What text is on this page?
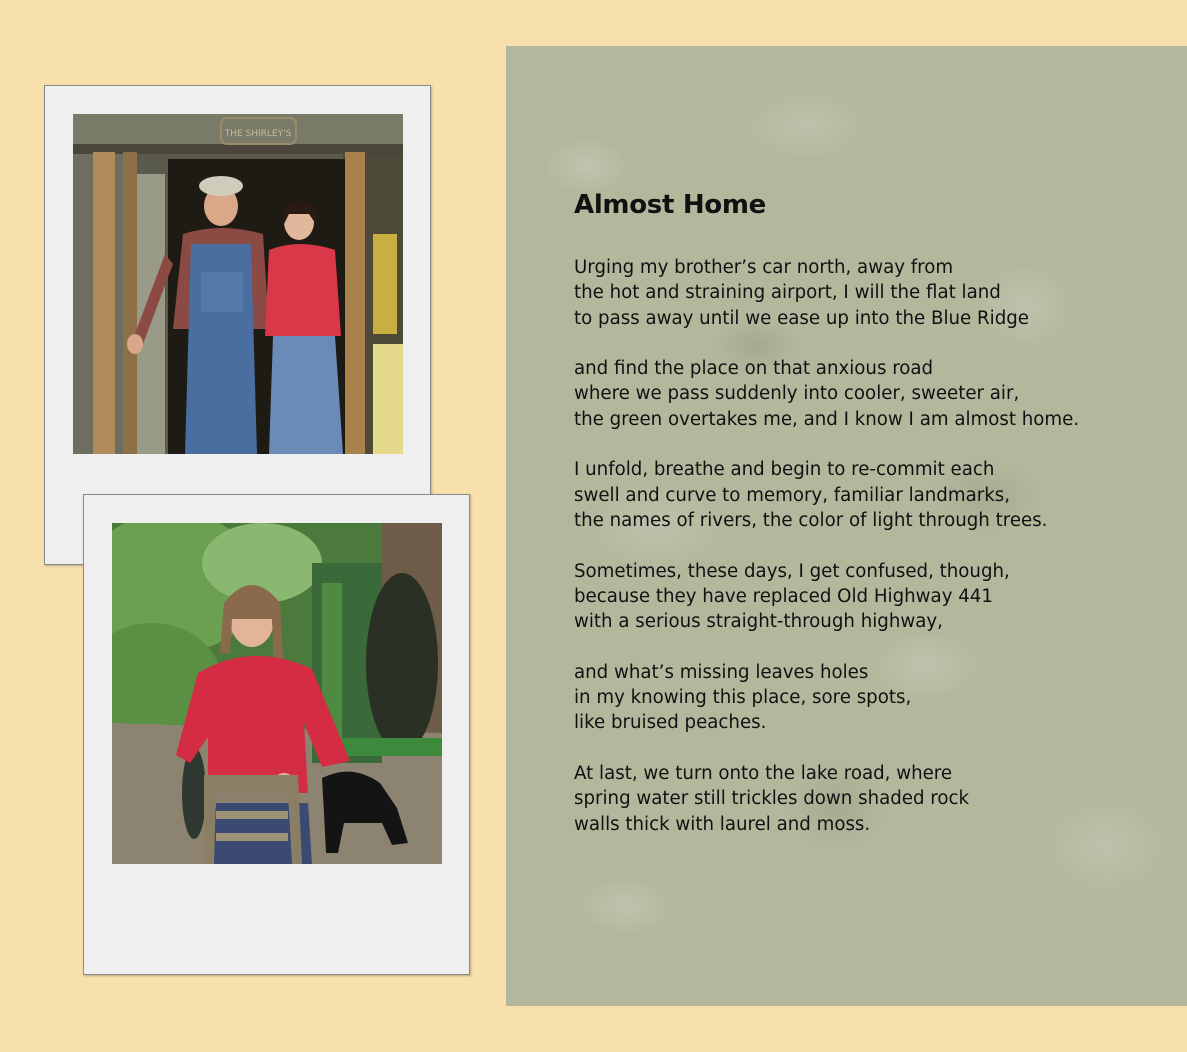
THE SHIRLEY'S
Almost Home

Urging my brother’s car north, away from
the hot and straining airport, I will the flat land
to pass away until we ease up into the Blue Ridge

and find the place on that anxious road
where we pass suddenly into cooler, sweeter air,
the green overtakes me, and I know I am almost home.

I unfold, breathe and begin to re-commit each
swell and curve to memory, familiar landmarks,
the names of rivers, the color of light through trees.

Sometimes, these days, I get confused, though,
because they have replaced Old Highway 441
with a serious straight-through highway,

and what’s missing leaves holes
in my knowing this place, sore spots,
like bruised peaches.

At last, we turn onto the lake road, where
spring water still trickles down shaded rock
walls thick with laurel and moss.
